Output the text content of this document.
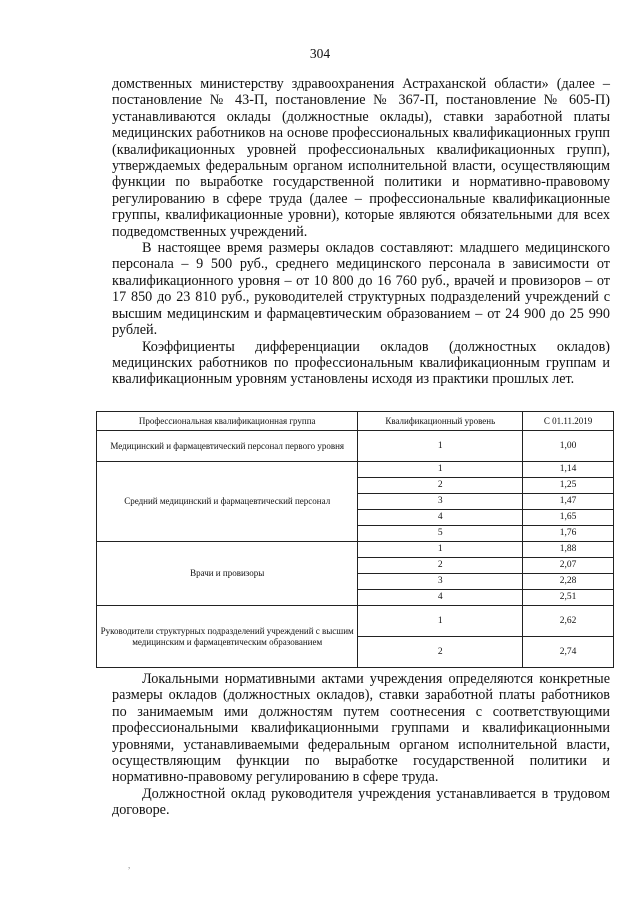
304

домственных министерству здравоохранения Астраханской области» (далее – постановление № 43-П, постановление № 367-П, постановление № 605-П) устанавливаются оклады (должностные оклады), ставки заработной платы медицинских работников на основе профессиональных квалификационных групп (квалификационных уровней профессиональных квалификационных групп), утверждаемых федеральным органом исполнительной власти, осуществляющим функции по выработке государственной политики и нормативно-правовому регулированию в сфере труда (далее – профессиональные квалификационные группы, квалификационные уровни), которые являются обязательными для всех подведомственных учреждений.

В настоящее время размеры окладов составляют: младшего медицинского персонала – 9 500 руб., среднего медицинского персонала в зависимости от квалификационного уровня – от 10 800 до 16 760 руб., врачей и провизоров – от 17 850 до 23 810 руб., руководителей структурных подразделений учреждений с высшим медицинским и фармацевтическим образованием – от 24 900 до 25 990 рублей.

Коэффициенты дифференциации окладов (должностных окладов) медицинских работников по профессиональным квалификационным группам и квалификационным уровням установлены исходя из практики прошлых лет.

Профессиональная квалификационная группа	Квалификационный уровень	С 01.11.2019
Медицинский и фармацевтический персонал первого уровня	1	1,00
Средний медицинский и фармацевтический персонал	1	1,14
	2	1,25
	3	1,47
	4	1,65
	5	1,76
Врачи и провизоры	1	1,88
	2	2,07
	3	2,28
	4	2,51
Руководители структурных подразделений учреждений с высшим медицинским и фармацевтическим образованием	1	2,62
	2	2,74

Локальными нормативными актами учреждения определяются конкретные размеры окладов (должностных окладов), ставки заработной платы работников по занимаемым ими должностям путем соотнесения с соответствующими профессиональными квалификационными группами и квалификационными уровнями, устанавливаемыми федеральным органом исполнительной власти, осуществляющим функции по выработке государственной политики и нормативно-правовому регулированию в сфере труда.

Должностной оклад руководителя учреждения устанавливается в трудовом договоре.

,
